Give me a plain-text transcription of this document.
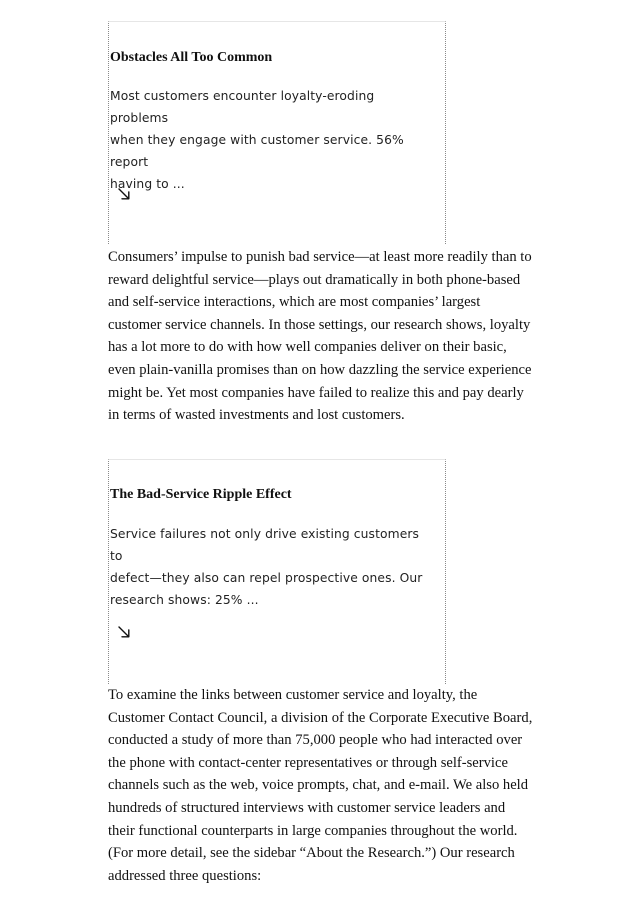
Obstacles All Too Common

Most customers encounter loyalty-eroding problems
when they engage with customer service. 56% report
having to ...

Consumers’ impulse to punish bad service—at least more readily than to reward delightful service—plays out dramatically in both phone-based and self-service interactions, which are most companies’ largest customer service channels. In those settings, our research shows, loyalty has a lot more to do with how well companies deliver on their basic, even plain-vanilla promises than on how dazzling the service experience might be. Yet most companies have failed to realize this and pay dearly in terms of wasted investments and lost customers.

The Bad-Service Ripple Effect

Service failures not only drive existing customers to
defect—they also can repel prospective ones. Our
research shows: 25% ...

To examine the links between customer service and loyalty, the Customer Contact Council, a division of the Corporate Executive Board, conducted a study of more than 75,000 people who had interacted over the phone with contact-center representatives or through self-service channels such as the web, voice prompts, chat, and e-mail. We also held hundreds of structured interviews with customer service leaders and their functional counterparts in large companies throughout the world. (For more detail, see the sidebar “About the Research.”) Our research addressed three questions:
